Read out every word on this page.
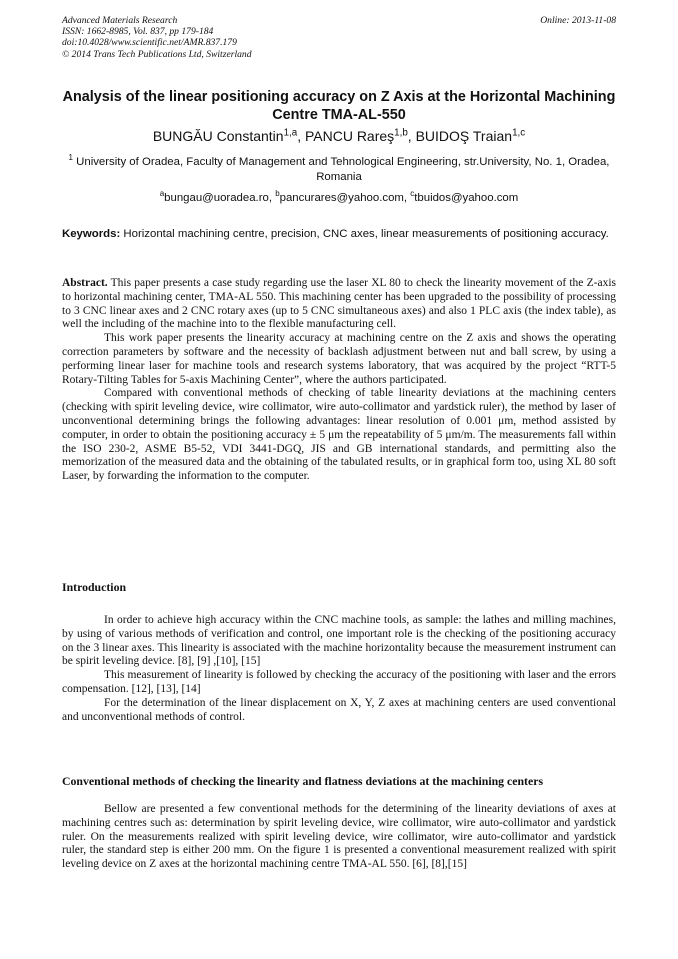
Advanced Materials Research
ISSN: 1662-8985, Vol. 837, pp 179-184
doi:10.4028/www.scientific.net/AMR.837.179
© 2014 Trans Tech Publications Ltd, Switzerland
Online: 2013-11-08
Analysis of the linear positioning accuracy on Z Axis at the Horizontal Machining Centre TMA-AL-550
BUNGĂU Constantin$^{1,a}$, PANCU Rareş$^{1,b}$, BUIDOŞ Traian$^{1,c}$
$^1$ University of Oradea, Faculty of Management and Tehnological Engineering, str.University, No. 1, Oradea, Romania
$^a$bungau@uoradea.ro, $^b$pancurares@yahoo.com, $^c$tbuidos@yahoo.com
Keywords: Horizontal machining centre, precision, CNC axes, linear measurements of positioning accuracy.

Abstract. This paper presents a case study regarding use the laser XL 80 to check the linearity movement of the Z-axis to horizontal machining center, TMA-AL 550. This machining center has been upgraded to the possibility of processing to 3 CNC linear axes and 2 CNC rotary axes (up to 5 CNC simultaneous axes) and also 1 PLC axis (the index table), as well the including of the machine into to the flexible manufacturing cell.

This work paper presents the linearity accuracy at machining centre on the Z axis and shows the operating correction parameters by software and the necessity of backlash adjustment between nut and ball screw, by using a performing linear laser for machine tools and research systems laboratory, that was acquired by the project “RTT-5 Rotary-Tilting Tables for 5-axis Machining Center”, where the authors participated.

Compared with conventional methods of checking of table linearity deviations at the machining centers (checking with spirit leveling device, wire collimator, wire auto-collimator and yardstick ruler), the method by laser of unconventional determining brings the following advantages: linear resolution of 0.001 μm, method assisted by computer, in order to obtain the positioning accuracy ± 5 μm the repeatability of 5 μm/m. The measurements fall within the ISO 230-2, ASME B5-52, VDI 3441-DGQ, JIS and GB international standards, and permitting also the memorization of the measured data and the obtaining of the tabulated results, or in graphical form too, using XL 80 soft Laser, by forwarding the information to the computer.

Introduction

In order to achieve high accuracy within the CNC machine tools, as sample: the lathes and milling machines, by using of various methods of verification and control, one important role is the checking of the positioning accuracy on the 3 linear axes. This linearity is associated with the machine horizontality because the measurement instrument can be spirit leveling device. [8], [9] ,[10], [15]

This measurement of linearity is followed by checking the accuracy of the positioning with laser and the errors compensation. [12], [13], [14]

For the determination of the linear displacement on X, Y, Z axes at machining centers are used conventional and unconventional methods of control.

Conventional methods of checking the linearity and flatness deviations at the machining centers

Bellow are presented a few conventional methods for the determining of the linearity deviations of axes at machining centres such as: determination by spirit leveling device, wire collimator, wire auto-collimator and yardstick ruler. On the measurements realized with spirit leveling device, wire collimator, wire auto-collimator and yardstick ruler, the standard step is either 200 mm. On the figure 1 is presented a conventional measurement realized with spirit leveling device on Z axes at the horizontal machining centre TMA-AL 550. [6], [8],[15]
